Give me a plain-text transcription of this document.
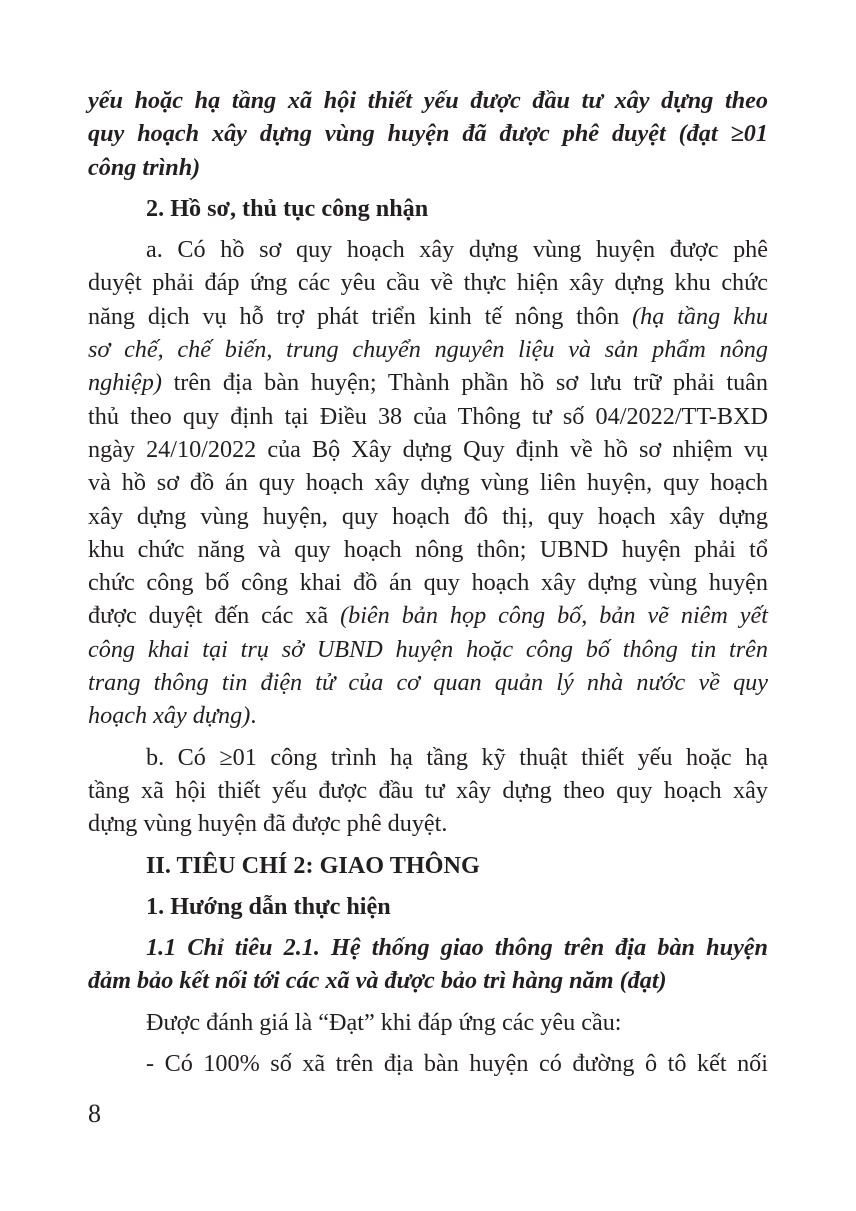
yếu hoặc hạ tầng xã hội thiết yếu được đầu tư xây dựng theo

quy hoạch xây dựng vùng huyện đã được phê duyệt (đạt ≥01

công trình)

2. Hồ sơ, thủ tục công nhận

a. Có hồ sơ quy hoạch xây dựng vùng huyện được phê

duyệt phải đáp ứng các yêu cầu về thực hiện xây dựng khu chức

năng dịch vụ hỗ trợ phát triển kinh tế nông thôn (hạ tầng khu

sơ chế, chế biến, trung chuyển nguyên liệu và sản phẩm nông

nghiệp) trên địa bàn huyện; Thành phần hồ sơ lưu trữ phải tuân

thủ theo quy định tại Điều 38 của Thông tư số 04/2022/TT-BXD

ngày 24/10/2022 của Bộ Xây dựng Quy định về hồ sơ nhiệm vụ

và hồ sơ đồ án quy hoạch xây dựng vùng liên huyện, quy hoạch

xây dựng vùng huyện, quy hoạch đô thị, quy hoạch xây dựng

khu chức năng và quy hoạch nông thôn; UBND huyện phải tổ

chức công bố công khai đồ án quy hoạch xây dựng vùng huyện

được duyệt đến các xã (biên bản họp công bố, bản vẽ niêm yết

công khai tại trụ sở UBND huyện hoặc công bố thông tin trên

trang thông tin điện tử của cơ quan quản lý nhà nước về quy

hoạch xây dựng).

b. Có ≥01 công trình hạ tầng kỹ thuật thiết yếu hoặc hạ

tầng xã hội thiết yếu được đầu tư xây dựng theo quy hoạch xây

dựng vùng huyện đã được phê duyệt.

II. TIÊU CHÍ 2: GIAO THÔNG

1. Hướng dẫn thực hiện

1.1 Chỉ tiêu 2.1. Hệ thống giao thông trên địa bàn huyện

đảm bảo kết nối tới các xã và được bảo trì hàng năm (đạt)

Được đánh giá là “Đạt” khi đáp ứng các yêu cầu:

- Có 100% số xã trên địa bàn huyện có đường ô tô kết nối

8
